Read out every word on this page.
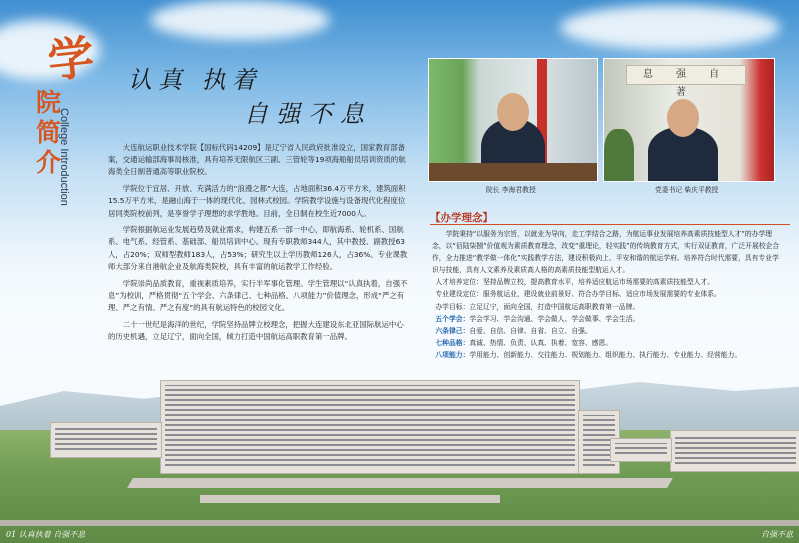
学
院
简
介
College Introduction
认真 执着
自强不息

大连航运职业技术学院【国标代码14209】是辽宁省人民政府批准设立，国家教育部备案，交通运输部海事局核准，具有培养无限航区三副、三管轮等19项海船船员培训资质的航海类全日制普通高等职业院校。

学院位于宜居、开放、充满活力的“浪漫之都”大连，占地面积36.4万平方米，建筑面积15.5万平方米，是融山海于一体的现代化、园林式校园。学院教学设施与设备现代化程度位居同类院校前列，是享誉学子理想的求学胜地。目前，全日制在校生近7000人。

学院根据航运业发展趋势及就业需求，构建五系一部一中心，即航海系、轮机系、国航系、电气系、经管系、基础部、船员培训中心。现有专职教师344人，其中教授、副教授63人，占20%；双师型教师183人，占53%；研究生以上学历教师126人，占36%。专业课教师大部分来自港航企业及航海类院校，具有丰富的航运教学工作经验。

学院崇尚品质教育，重视素质培养，实行半军事化管理。学生管理以“认真执着，自强不息”为校训，严格贯彻“五个学会、六条律己、七种品格、八项能力”价值理念，形成“严之有理、严之有情、严之有度”的具有航运特色的校园文化。

二十一世纪是海洋的世纪，学院坚持品牌立校理念，把握大连建设东北亚国际航运中心的历史机遇，立足辽宁，面向全国，倾力打造中国航运高职教育第一品牌。

院长 李海君教授
息 强 自 著
党委书记 柴庆平教授
【办学理念】

学院秉持“以服务为宗旨，以就业为导向，走工学结合之路，为航运事业发展培养高素质技能型人才”的办学理念，以“佰陆柒捌”价值观为素质教育理念，改变“重理论，轻实践”的传统教育方式，实行双证教育，广泛开展校企合作，全力推进“教学做一体化”实践教学方法，建设积极向上、平安和谐的航运学府。培养符合时代需要，具有专业学识与技能，具有人文素养及素质高人格的高素质技能型航运人才。

人才培养定位：坚持品牌立校，提高教育水平，培养适应航运市场需要的高素质技能型人才。

专业建设定位：服务航运业，建设就业前景好、符合办学目标、适应市场发展需要的专业体系。

办学目标：立足辽宁，面向全国，打造中国航运高职教育第一品牌。

五个学会：学会学习、学会沟通、学会做人、学会做事、学会生活。

六条律己：自爱、自信、自律、自省、自立、自强。

七种品格：真诚、热情、负责、认真、执着、宽容、感恩。

八项能力：学用能力、创新能力、交往能力、规划能力、组织能力、执行能力、专业能力、经营能力。

01 认真执着 自强不息	自强不息
